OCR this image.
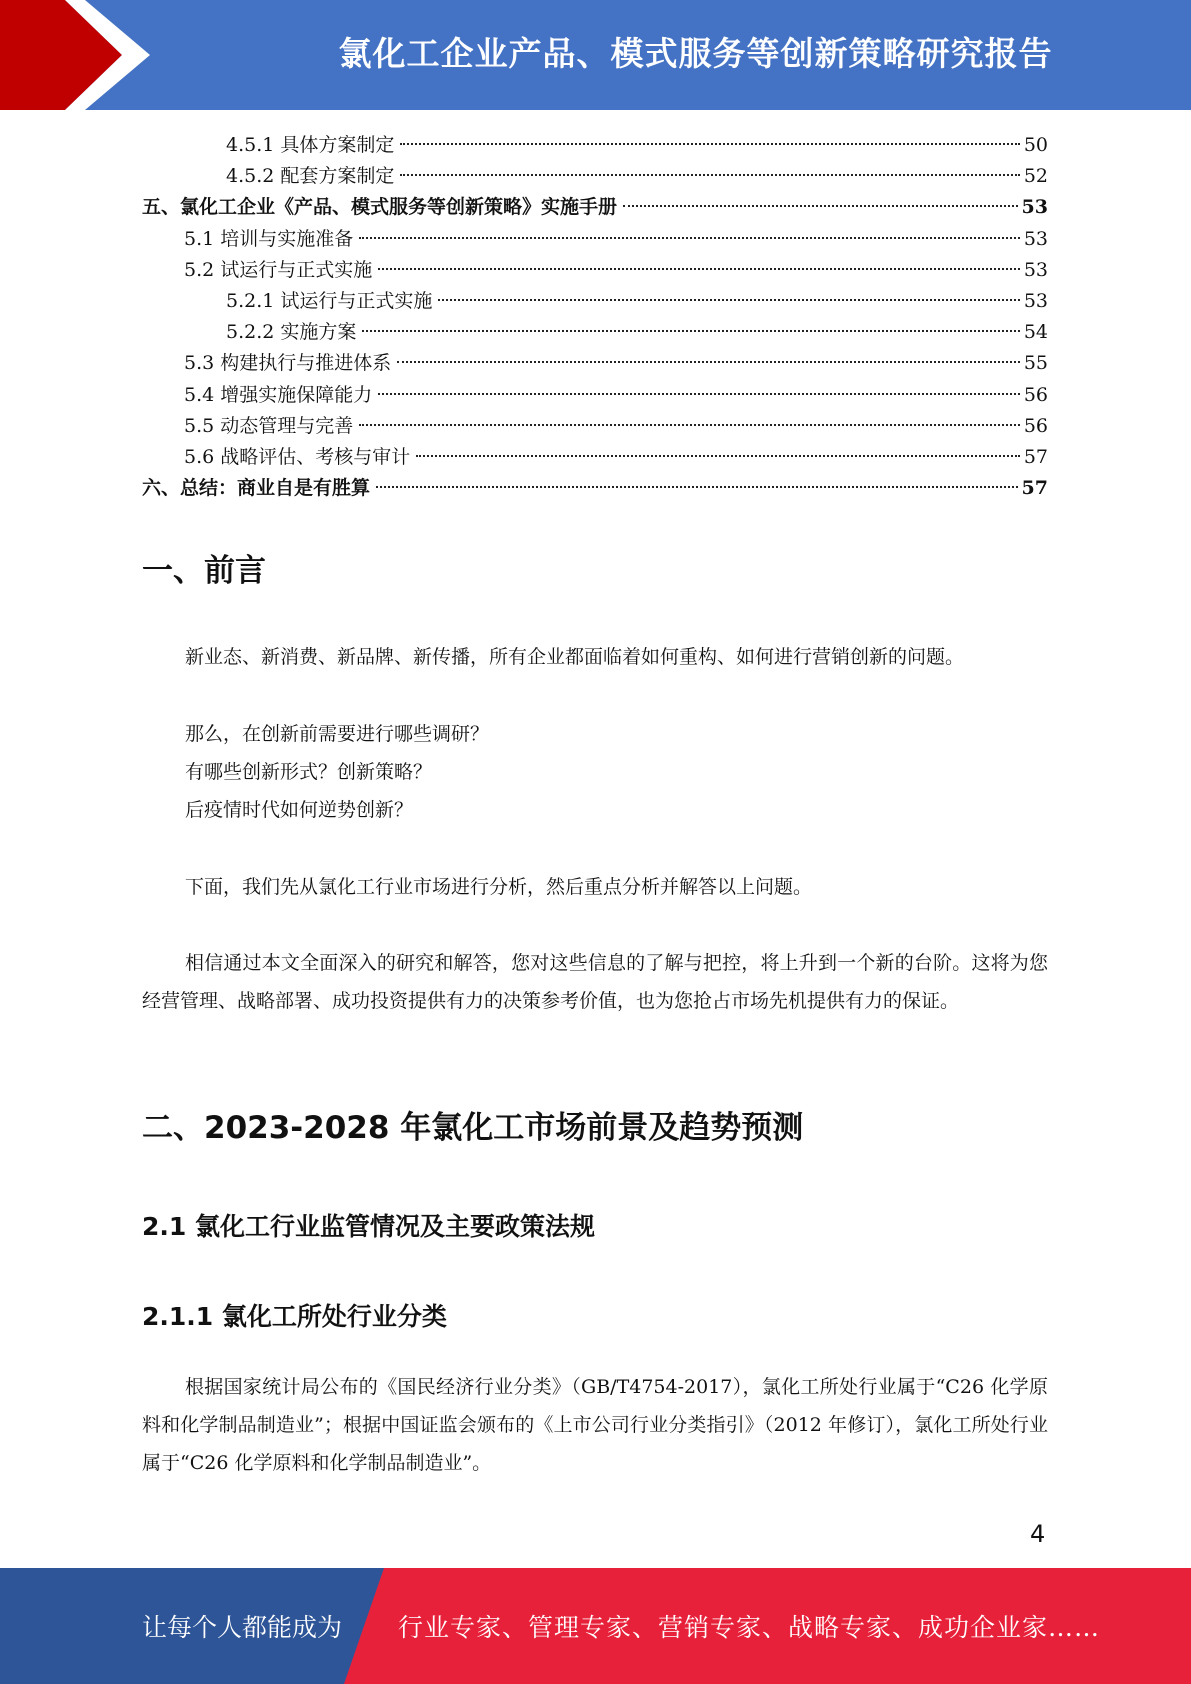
氯化工企业产品、模式服务等创新策略研究报告
4.5.1 具体方案制定	50
4.5.2 配套方案制定	52
五、氯化工企业《产品、模式服务等创新策略》实施手册	53
5.1 培训与实施准备	53
5.2 试运行与正式实施	53
5.2.1 试运行与正式实施	53
5.2.2 实施方案	54
5.3 构建执行与推进体系	55
5.4 增强实施保障能力	56
5.5 动态管理与完善	56
5.6 战略评估、考核与审计	57
六、总结：商业自是有胜算	57
一、前言
新业态、新消费、新品牌、新传播，所有企业都面临着如何重构、如何进行营销创新的问题。
那么，在创新前需要进行哪些调研？
有哪些创新形式？创新策略？
后疫情时代如何逆势创新？
下面，我们先从氯化工行业市场进行分析，然后重点分析并解答以上问题。
相信通过本文全面深入的研究和解答，您对这些信息的了解与把控，将上升到一个新的台阶。这将为您经营管理、战略部署、成功投资提供有力的决策参考价值，也为您抢占市场先机提供有力的保证。
二、2023-2028 年氯化工市场前景及趋势预测
2.1 氯化工行业监管情况及主要政策法规
2.1.1 氯化工所处行业分类
根据国家统计局公布的《国民经济行业分类》（GB/T4754-2017），氯化工所处行业属于“C26 化学原料和化学制品制造业”；根据中国证监会颁布的《上市公司行业分类指引》（2012 年修订），氯化工所处行业属于“C26 化学原料和化学制品制造业”。
4
让每个人都能成为 行业专家、管理专家、营销专家、战略专家、成功企业家……
